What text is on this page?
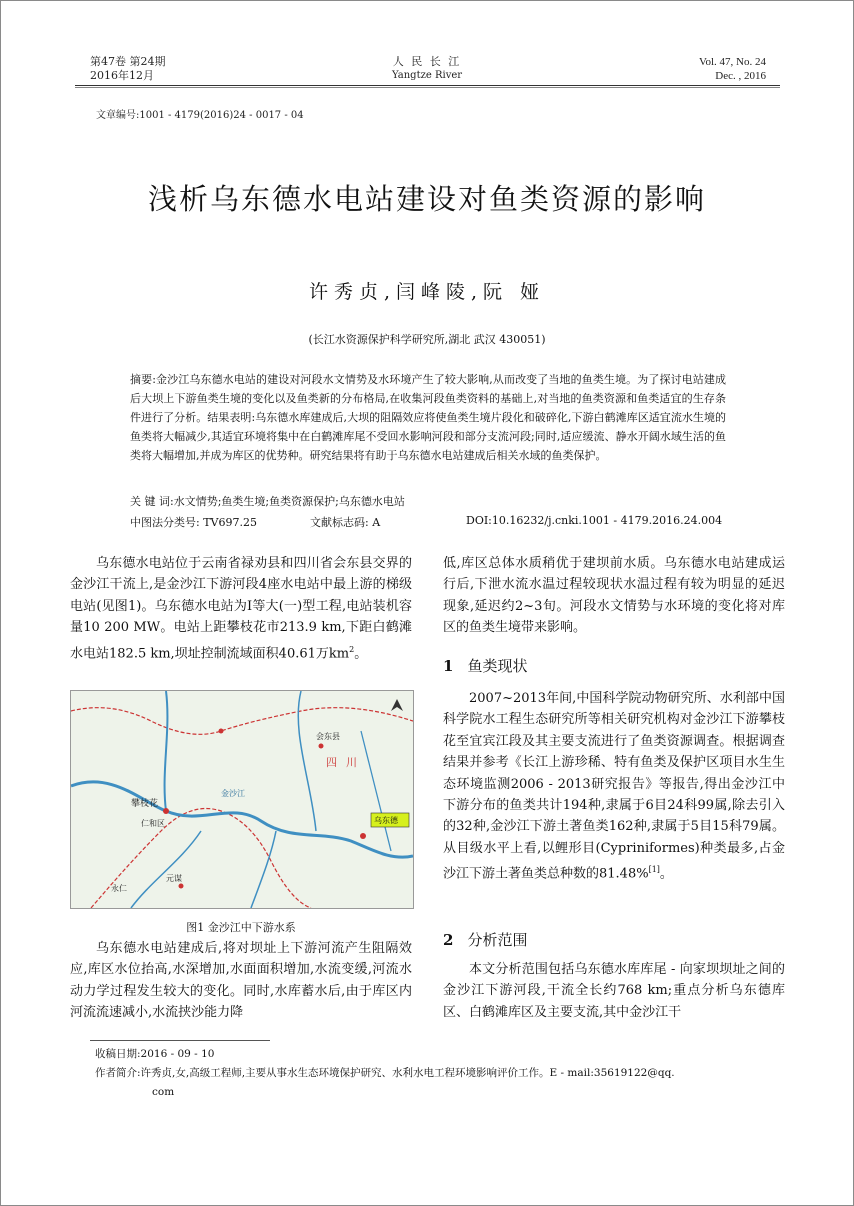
第47卷 第24期
2016年12月
人 民 长 江
Yangtze River
Vol. 47, No. 24
Dec. , 2016
文章编号:1001 - 4179(2016)24 - 0017 - 04
浅析乌东德水电站建设对鱼类资源的影响
许秀贞,闫峰陵,阮 娅
(长江水资源保护科学研究所,湖北 武汉 430051)
摘要:金沙江乌东德水电站的建设对河段水文情势及水环境产生了较大影响,从而改变了当地的鱼类生境。为了探讨电站建成后大坝上下游鱼类生境的变化以及鱼类新的分布格局,在收集河段鱼类资料的基础上,对当地的鱼类资源和鱼类适宜的生存条件进行了分析。结果表明:乌东德水库建成后,大坝的阻隔效应将使鱼类生境片段化和破碎化,下游白鹤滩库区适宜流水生境的鱼类将大幅减少,其适宜环境将集中在白鹤滩库尾不受回水影响河段和部分支流河段;同时,适应缓流、静水开阔水域生活的鱼类将大幅增加,并成为库区的优势种。研究结果将有助于乌东德水电站建成后相关水域的鱼类保护。
关 键 词:水文情势;鱼类生境;鱼类资源保护;乌东德水电站
中图法分类号: TV697.25	文献标志码: A	DOI:10.16232/j.cnki.1001 - 4179.2016.24.004

乌东德水电站位于云南省禄劝县和四川省会东县交界的金沙江干流上,是金沙江下游河段4座水电站中最上游的梯级电站(见图1)。乌东德水电站为Ⅰ等大(一)型工程,电站装机容量10 200 MW。电站上距攀枝花市213.9 km,下距白鹤滩水电站182.5 km,坝址控制流域面积40.61万$km^2$。

攀枝花
仁和区
金沙江
会东县
乌东德
永仁
元谋
四 川
图1 金沙江中下游水系

乌东德水电站建成后,将对坝址上下游河流产生阻隔效应,库区水位抬高,水深增加,水面面积增加,水流变缓,河流水动力学过程发生较大的变化。同时,水库蓄水后,由于库区内河流流速减小,水流挟沙能力降

低,库区总体水质稍优于建坝前水质。乌东德水电站建成运行后,下泄水流水温过程较现状水温过程有较为明显的延迟现象,延迟约2~3旬。河段水文情势与水环境的变化将对库区的鱼类生境带来影响。

1 鱼类现状

2007~2013年间,中国科学院动物研究所、水利部中国科学院水工程生态研究所等相关研究机构对金沙江下游攀枝花至宜宾江段及其主要支流进行了鱼类资源调查。根据调查结果并参考《长江上游珍稀、特有鱼类及保护区项目水生生态环境监测2006 - 2013研究报告》等报告,得出金沙江中下游分布的鱼类共计194种,隶属于6目24科99属,除去引入的32种,金沙江下游土著鱼类162种,隶属于5目15科79属。从目级水平上看,以鲤形目(Cypriniformes)种类最多,占金沙江下游土著鱼类总种数的81.48%[1]。

2 分析范围

本文分析范围包括乌东德水库库尾 - 向家坝坝址之间的金沙江下游河段,干流全长约768 km;重点分析乌东德库区、白鹤滩库区及主要支流,其中金沙江干

收稿日期:2016 - 09 - 10
作者简介:许秀贞,女,高级工程师,主要从事水生态环境保护研究、水利水电工程环境影响评价工作。E - mail:35619122@qq.
com
